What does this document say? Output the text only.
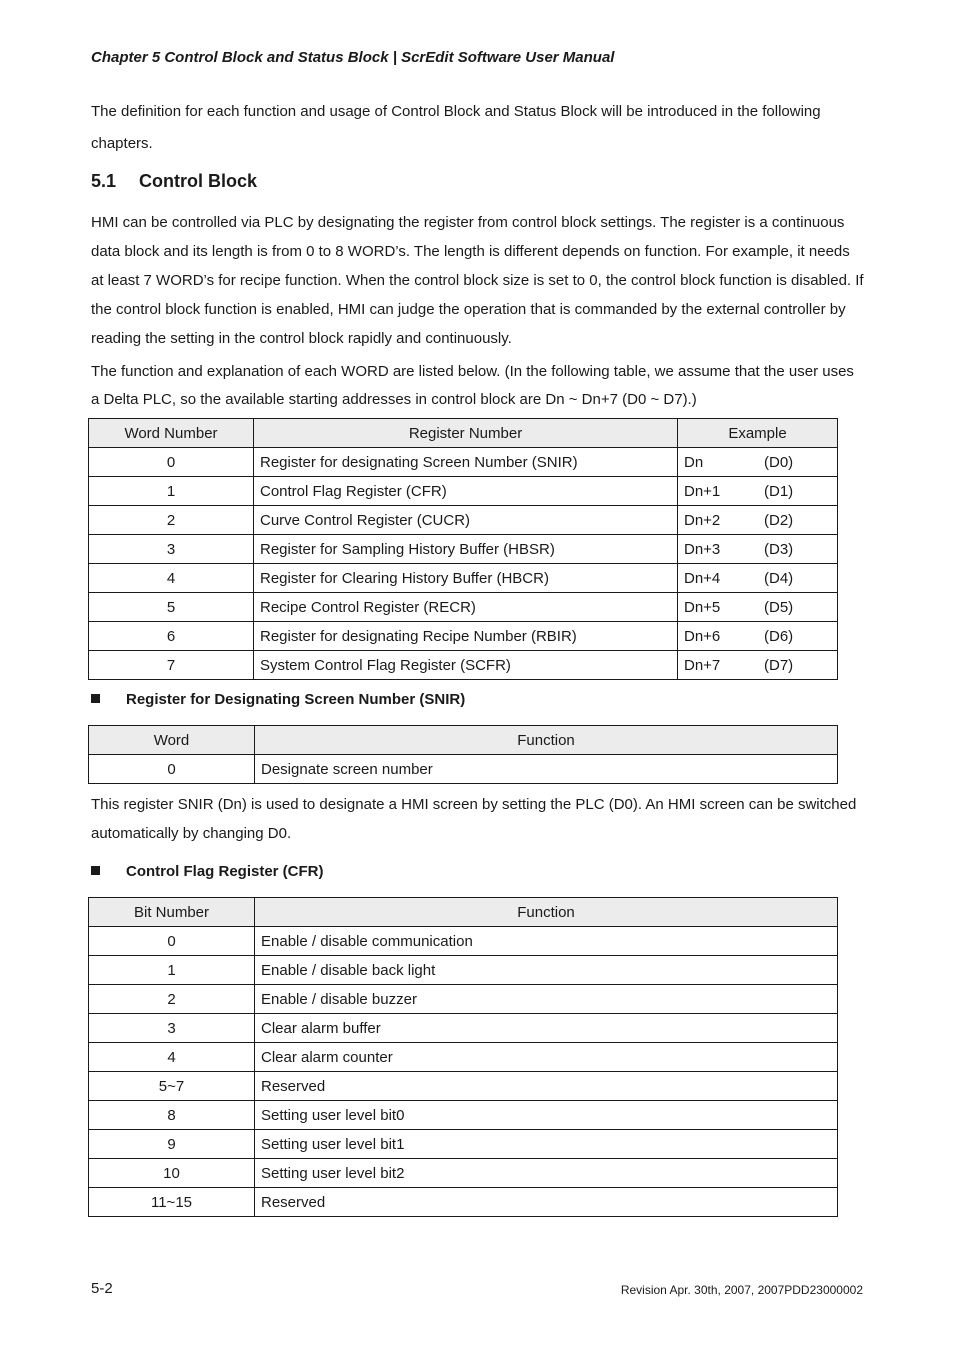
Chapter 5 Control Block and Status Block | ScrEdit Software User Manual
The definition for each function and usage of Control Block and Status Block will be introduced in the following chapters.
5.1 Control Block
HMI can be controlled via PLC by designating the register from control block settings. The register is a continuous data block and its length is from 0 to 8 WORD’s. The length is different depends on function. For example, it needs at least 7 WORD’s for recipe function. When the control block size is set to 0, the control block function is disabled. If the control block function is enabled, HMI can judge the operation that is commanded by the external controller by reading the setting in the control block rapidly and continuously.
The function and explanation of each WORD are listed below. (In the following table, we assume that the user uses a Delta PLC, so the available starting addresses in control block are Dn ~ Dn+7 (D0 ~ D7).)
Word Number	Register Number	Example
0	Register for designating Screen Number (SNIR)	Dn (D0)
1	Control Flag Register (CFR)	Dn+1 (D1)
2	Curve Control Register (CUCR)	Dn+2 (D2)
3	Register for Sampling History Buffer (HBSR)	Dn+3 (D3)
4	Register for Clearing History Buffer (HBCR)	Dn+4 (D4)
5	Recipe Control Register (RECR)	Dn+5 (D5)
6	Register for designating Recipe Number (RBIR)	Dn+6 (D6)
7	System Control Flag Register (SCFR)	Dn+7 (D7)
Register for Designating Screen Number (SNIR)
Word	Function
0	Designate screen number
This register SNIR (Dn) is used to designate a HMI screen by setting the PLC (D0). An HMI screen can be switched automatically by changing D0.
Control Flag Register (CFR)
Bit Number	Function
0	Enable / disable communication
1	Enable / disable back light
2	Enable / disable buzzer
3	Clear alarm buffer
4	Clear alarm counter
5~7	Reserved
8	Setting user level bit0
9	Setting user level bit1
10	Setting user level bit2
11~15	Reserved
5-2	Revision Apr. 30th, 2007, 2007PDD23000002
